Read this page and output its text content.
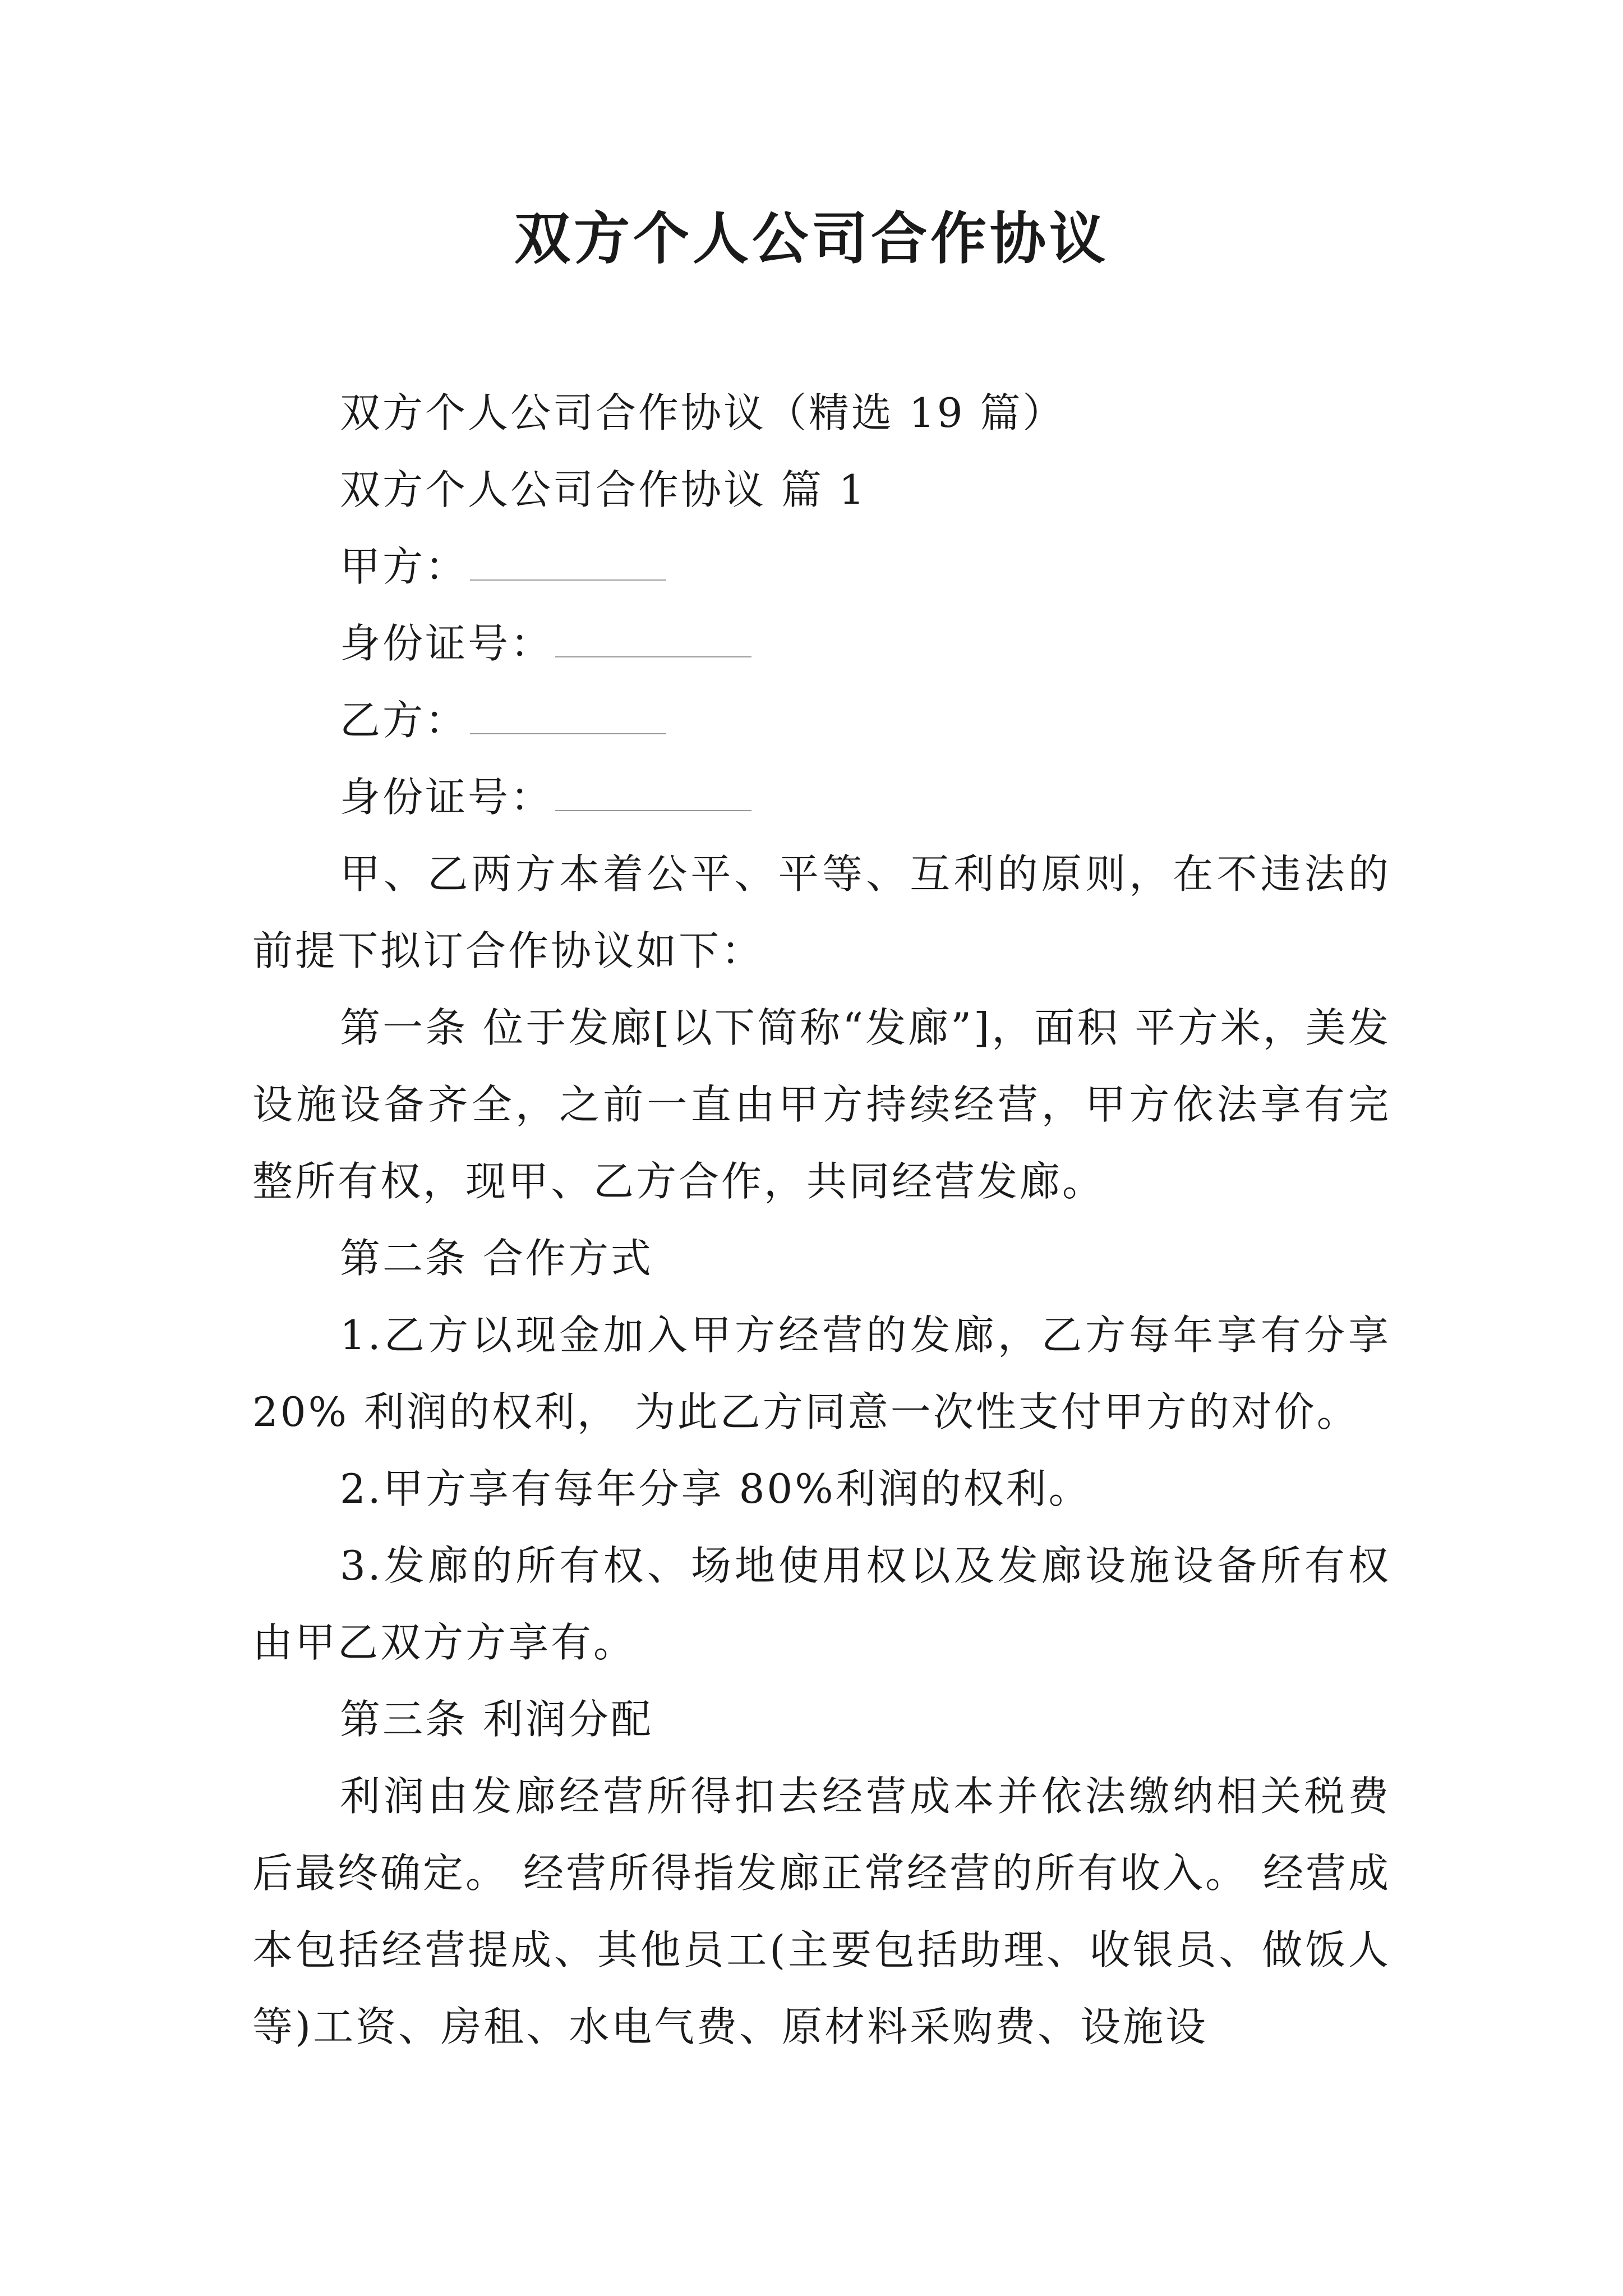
双方个人公司合作协议

双方个人公司合作协议（精选 19 篇）

双方个人公司合作协议 篇 1

甲方：

身份证号：

乙方：

身份证号：

甲、乙两方本着公平、平等、互利的原则，在不违法的前提下拟订合作协议如下：

第一条 位于发廊[以下简称“发廊”]，面积 平方米，美发设施设备齐全，之前一直由甲方持续经营，甲方依法享有完 整所有权，现甲、乙方合作，共同经营发廊。

第二条 合作方式

1.乙方以现金加入甲方经营的发廊，乙方每年享有分享20% 利润的权利， 为此乙方同意一次性支付甲方的对价。

2.甲方享有每年分享 80%利润的权利。

3.发廊的所有权、场地使用权以及发廊设施设备所有权由甲乙双方方享有。

第三条 利润分配

利润由发廊经营所得扣去经营成本并依法缴纳相关税费后最终确定。 经营所得指发廊正常经营的所有收入。 经营成本包括经营提成、其他员工(主要包括助理、收银员、做饭人等)工资、房租、水电气费、原材料采购费、设施设
